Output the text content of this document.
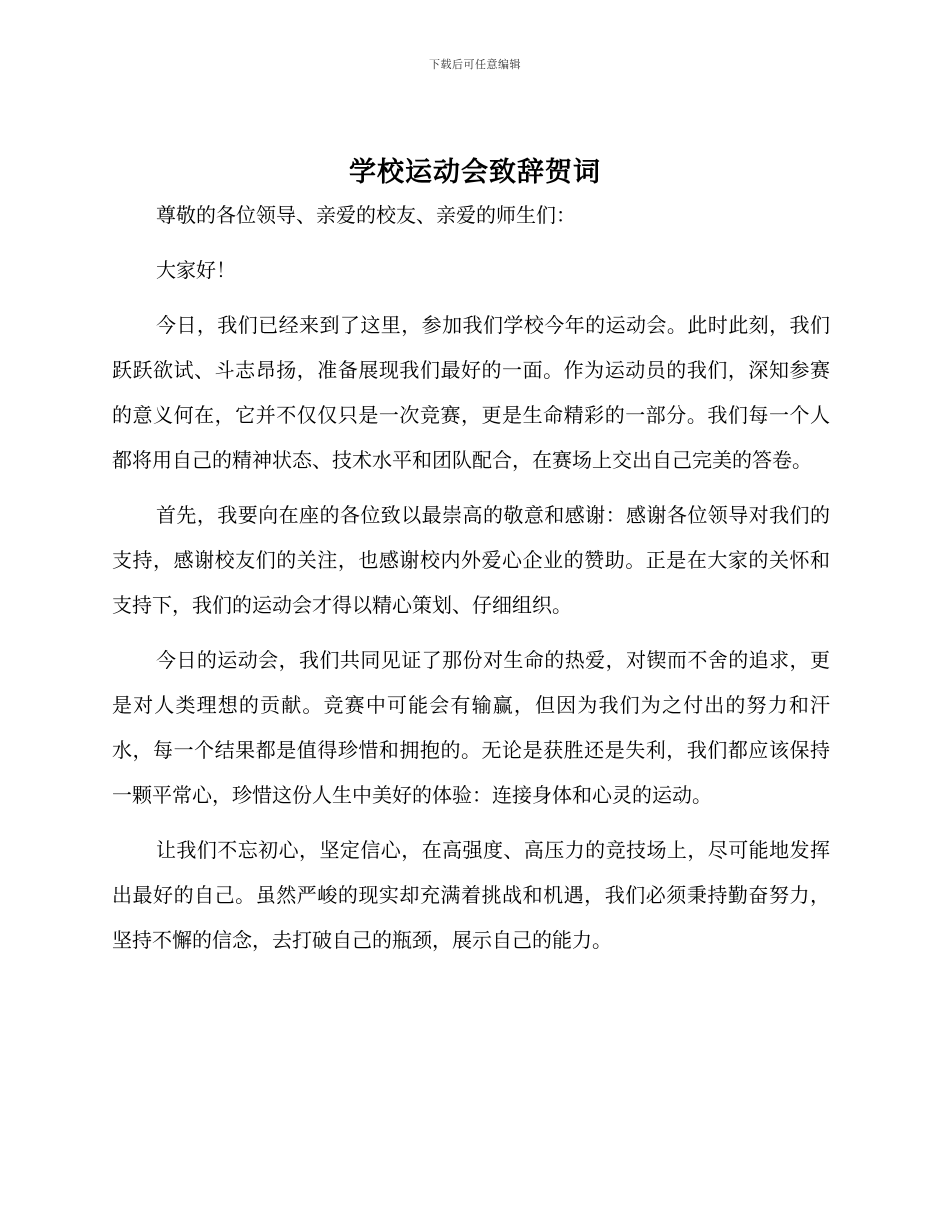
下载后可任意编辑
学校运动会致辞贺词

尊敬的各位领导、亲爱的校友、亲爱的师生们：

大家好！

今日，我们已经来到了这里，参加我们学校今年的运动会。此时此刻，我们跃跃欲试、斗志昂扬，准备展现我们最好的一面。作为运动员的我们，深知参赛的意义何在，它并不仅仅只是一次竞赛，更是生命精彩的一部分。我们每一个人都将用自己的精神状态、技术水平和团队配合，在赛场上交出自己完美的答卷。

首先，我要向在座的各位致以最崇高的敬意和感谢：感谢各位领导对我们的支持，感谢校友们的关注，也感谢校内外爱心企业的赞助。正是在大家的关怀和支持下，我们的运动会才得以精心策划、仔细组织。

今日的运动会，我们共同见证了那份对生命的热爱，对锲而不舍的追求，更是对人类理想的贡献。竞赛中可能会有输赢，但因为我们为之付出的努力和汗水，每一个结果都是值得珍惜和拥抱的。无论是获胜还是失利，我们都应该保持一颗平常心，珍惜这份人生中美好的体验：连接身体和心灵的运动。

让我们不忘初心，坚定信心，在高强度、高压力的竞技场上，尽可能地发挥出最好的自己。虽然严峻的现实却充满着挑战和机遇，我们必须秉持勤奋努力，坚持不懈的信念，去打破自己的瓶颈，展示自己的能力。
